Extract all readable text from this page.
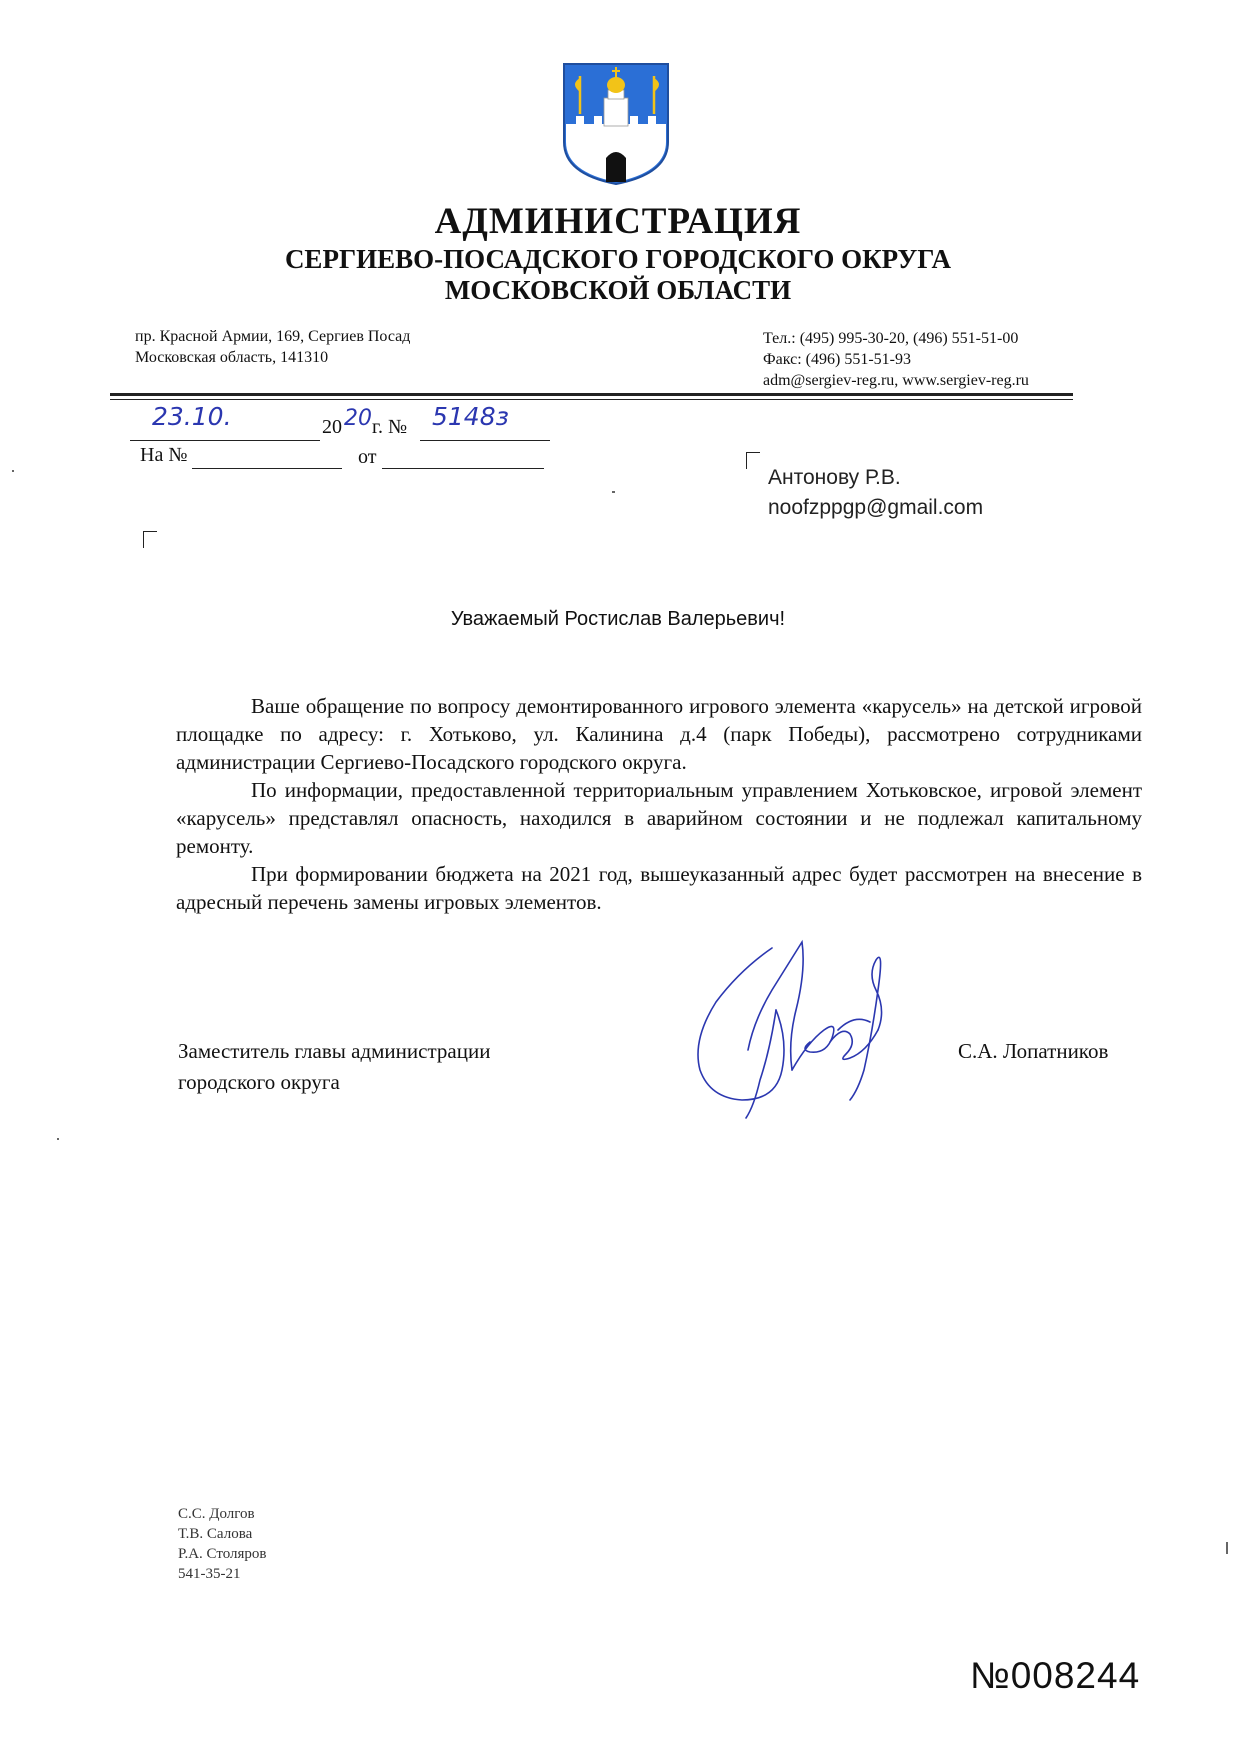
АДМИНИСТРАЦИЯ
СЕРГИЕВО-ПОСАДСКОГО ГОРОДСКОГО ОКРУГА
МОСКОВСКОЙ ОБЛАСТИ
пр. Красной Армии, 169, Сергиев Посад
Московская область, 141310
Тел.: (495) 995-30-20, (496) 551-51-00
Факс: (496) 551-51-93
adm@sergiev-reg.ru, www.sergiev-reg.ru
23.10.	20 20 г. № 5148з
На №	от
Антонову Р.В.
noofzppgp@gmail.com
Уважаемый Ростислав Валерьевич!

Ваше обращение по вопросу демонтированного игрового элемента «карусель» на детской игровой площадке по адресу: г. Хотьково, ул. Калинина д.4 (парк Победы), рассмотрено сотрудниками администрации Сергиево-Посадского городского округа.

По информации, предоставленной территориальным управлением Хотьковское, игровой элемент «карусель» представлял опасность, находился в аварийном состоянии и не подлежал капитальному ремонту.

При формировании бюджета на 2021 год, вышеуказанный адрес будет рассмотрен на внесение в адресный перечень замены игровых элементов.

Заместитель главы администрации
городского округа
С.А. Лопатников
С.С. Долгов
Т.В. Салова
Р.А. Столяров
541-35-21
№008244
